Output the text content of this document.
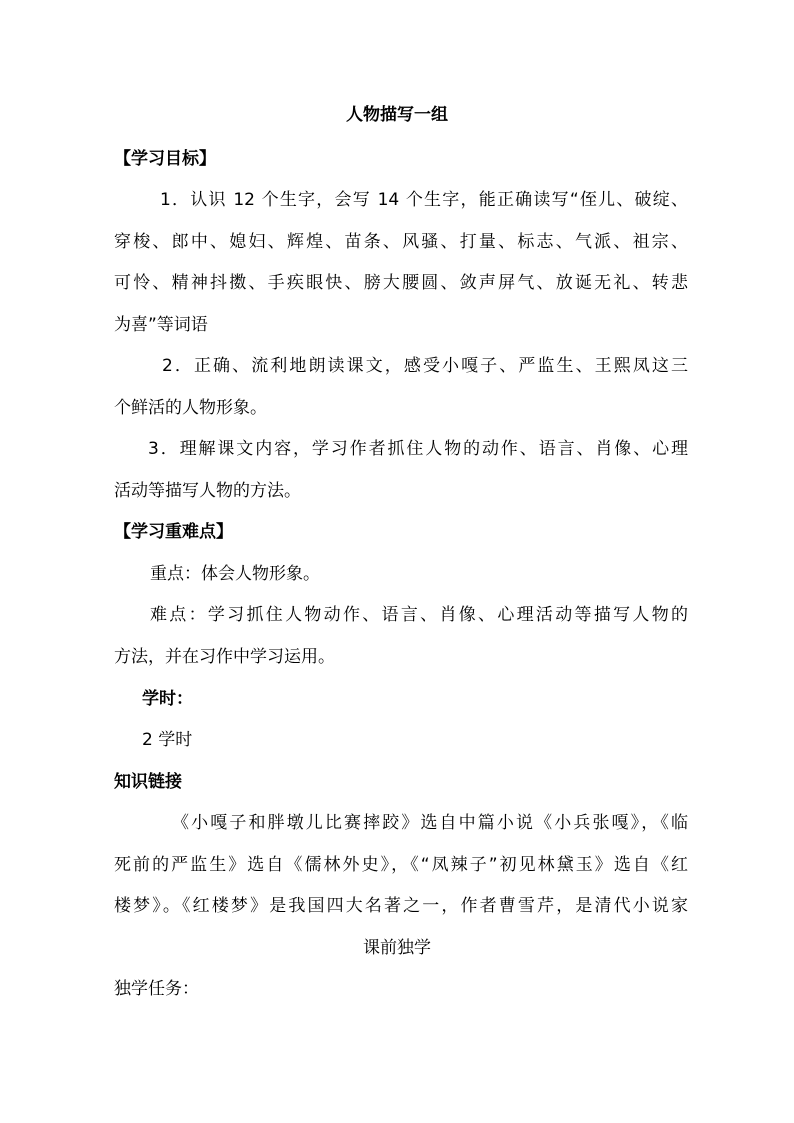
人物描写一组
【学习目标】
1．认识 12 个生字，会写 14 个生字，能正确读写“侄儿、破绽、
穿梭、郎中、媳妇、辉煌、苗条、风骚、打量、标志、气派、祖宗、
可怜、精神抖擞、手疾眼快、膀大腰圆、敛声屏气、放诞无礼、转悲
为喜”等词语
2．正确、流利地朗读课文，感受小嘎子、严监生、王熙凤这三
个鲜活的人物形象。
3．理解课文内容，学习作者抓住人物的动作、语言、肖像、心理
活动等描写人物的方法。
【学习重难点】
重点：体会人物形象。
难点：学习抓住人物动作、语言、肖像、心理活动等描写人物的
方法，并在习作中学习运用。
学时：
2 学时
知识链接
《小嘎子和胖墩儿比赛摔跤》选自中篇小说《小兵张嘎》，《临
死前的严监生》选自《儒林外史》，《“凤辣子”初见林黛玉》选自《红
楼梦》。《红楼梦》是我国四大名著之一，作者曹雪芹，是清代小说家
课前独学
独学任务：
